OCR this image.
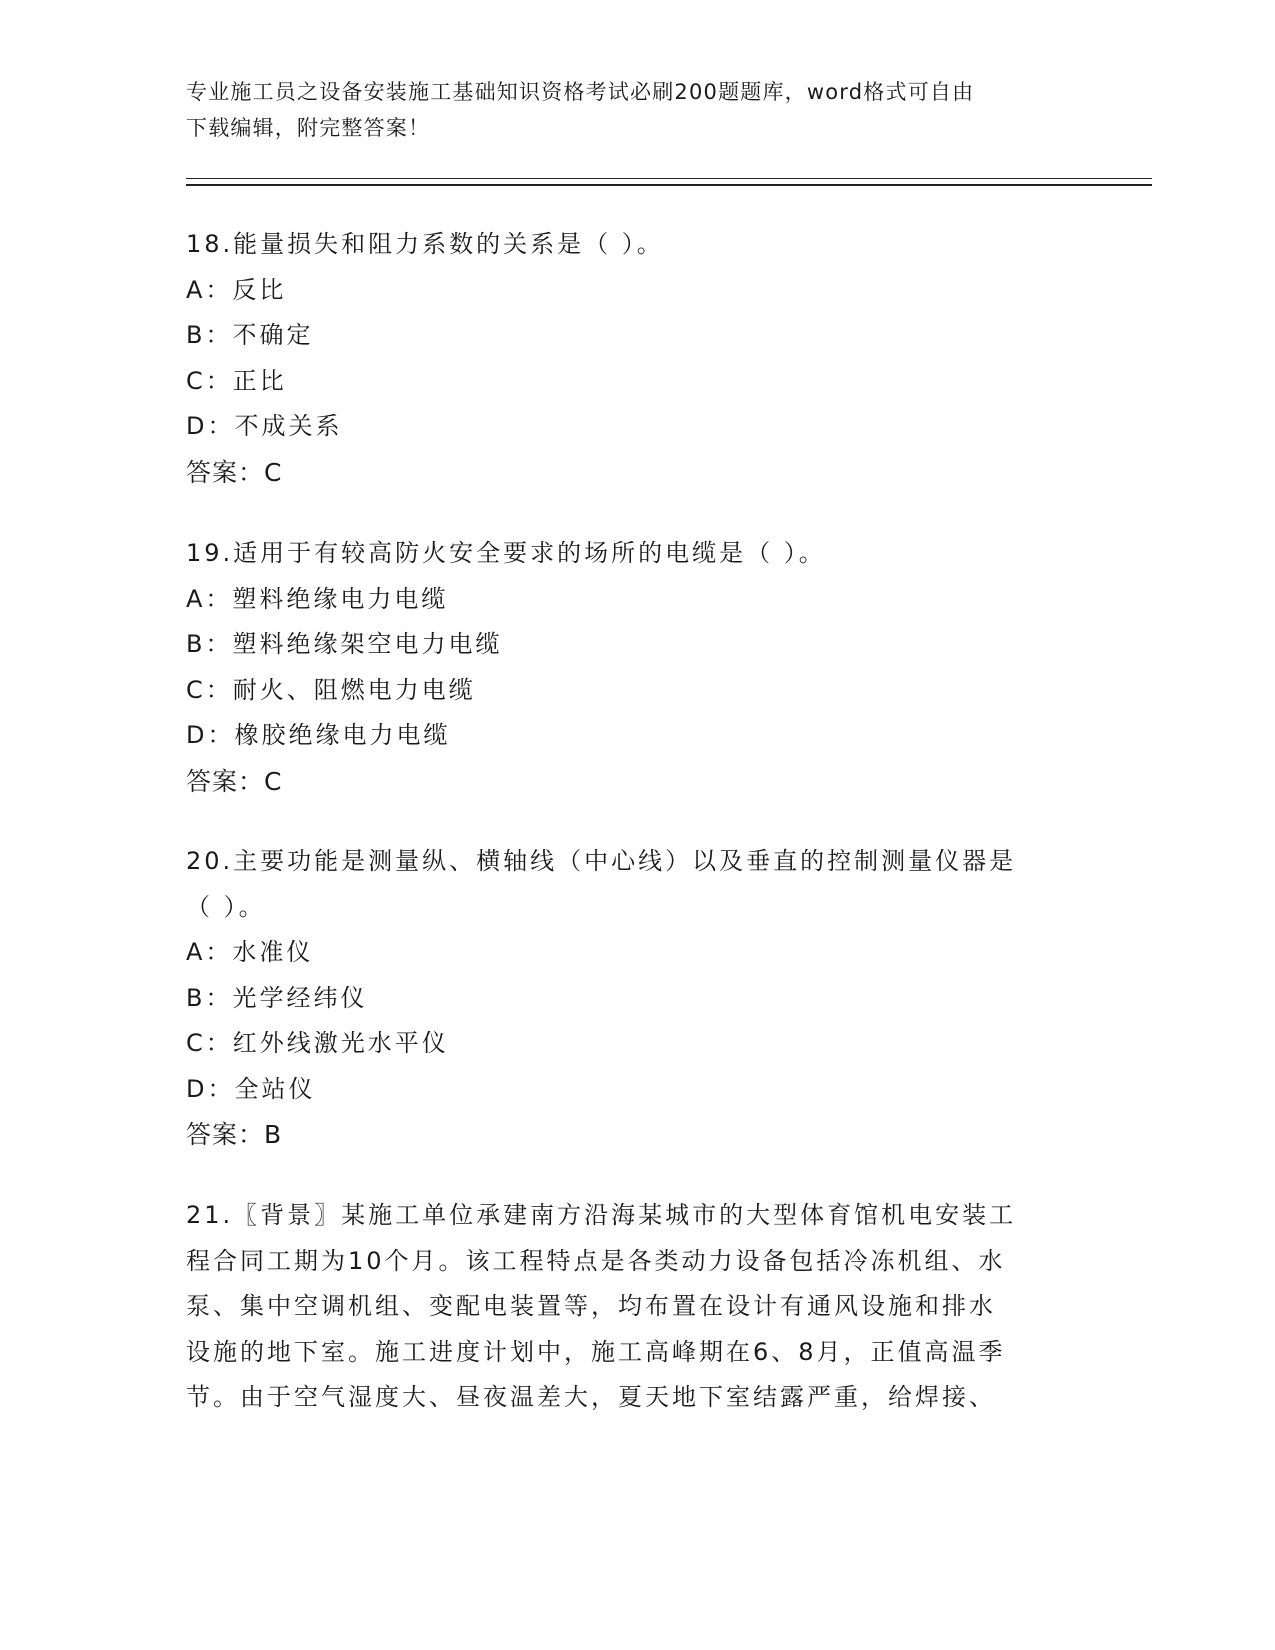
专业施工员之设备安装施工基础知识资格考试必刷200题题库，word格式可自由
下载编辑，附完整答案！
18.能量损失和阻力系数的关系是（ ）。
A：反比
B：不确定
C：正比
D：不成关系
答案：C
19.适用于有较高防火安全要求的场所的电缆是（ ）。
A：塑料绝缘电力电缆
B：塑料绝缘架空电力电缆
C：耐火、阻燃电力电缆
D：橡胶绝缘电力电缆
答案：C
20.主要功能是测量纵、横轴线（中心线）以及垂直的控制测量仪器是
（ ）。
A：水准仪
B：光学经纬仪
C：红外线激光水平仪
D：全站仪
答案：B
21.〖背景〗某施工单位承建南方沿海某城市的大型体育馆机电安装工
程合同工期为10个月。该工程特点是各类动力设备包括冷冻机组、水
泵、集中空调机组、变配电装置等，均布置在设计有通风设施和排水
设施的地下室。施工进度计划中，施工高峰期在6、8月，正值高温季
节。由于空气湿度大、昼夜温差大，夏天地下室结露严重，给焊接、
